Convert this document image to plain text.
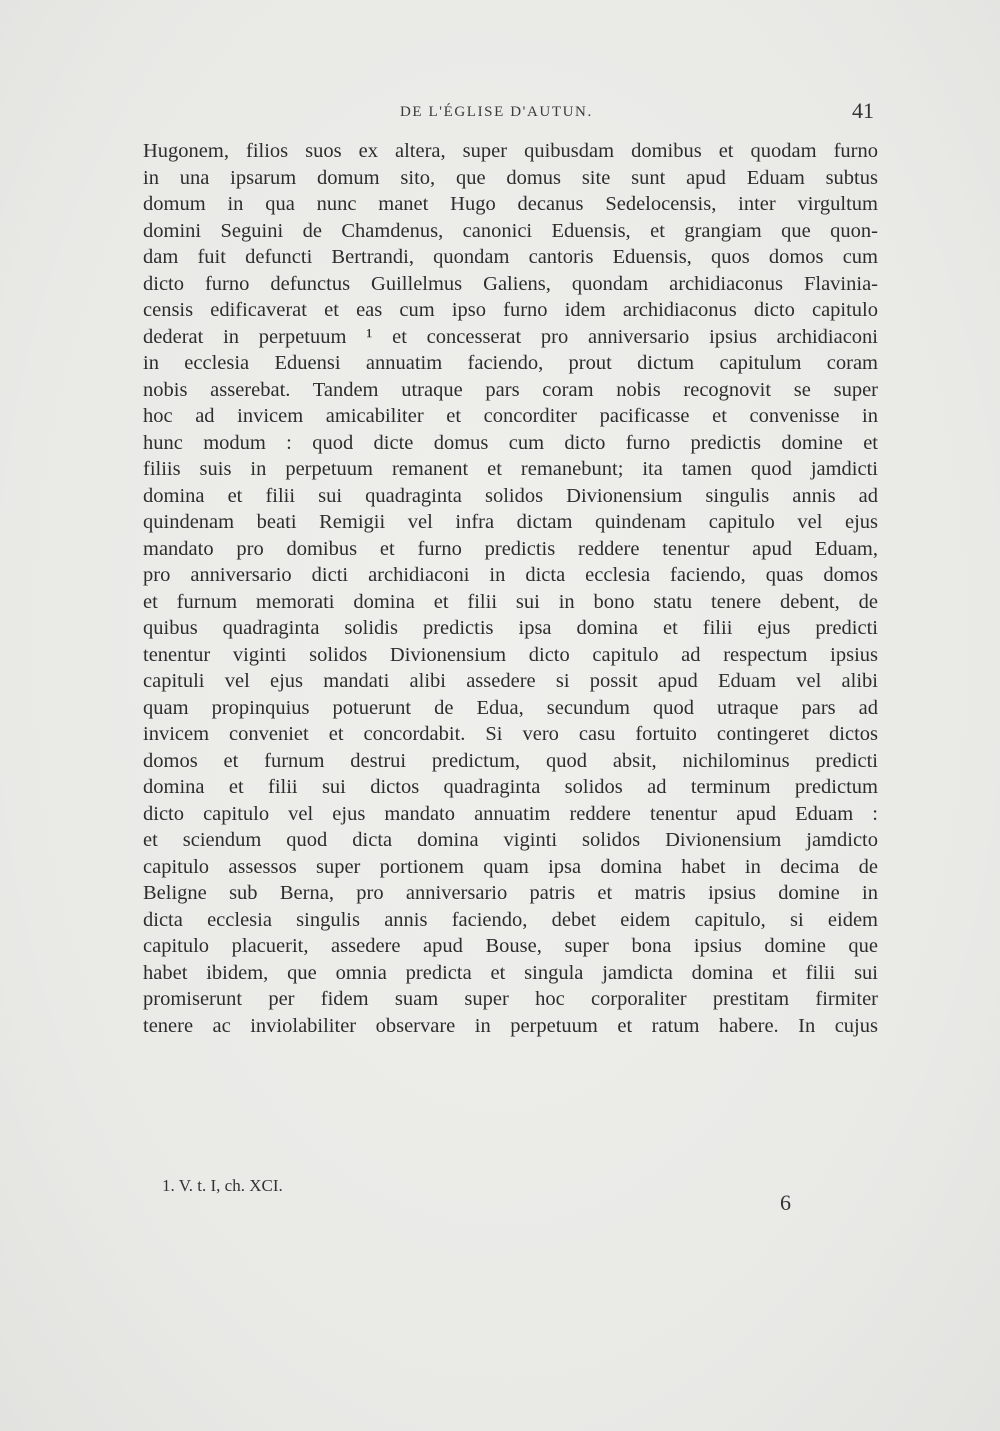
DE L'ÉGLISE D'AUTUN.	41
Hugonem, filios suos ex altera, super quibusdam domibus et quodam furno
in una ipsarum domum sito, que domus site sunt apud Eduam subtus
domum in qua nunc manet Hugo decanus Sedelocensis, inter virgultum
domini Seguini de Chamdenus, canonici Eduensis, et grangiam que quon-
dam fuit defuncti Bertrandi, quondam cantoris Eduensis, quos domos cum
dicto furno defunctus Guillelmus Galiens, quondam archidiaconus Flavinia-
censis edificaverat et eas cum ipso furno idem archidiaconus dicto capitulo
dederat in perpetuum ¹ et concesserat pro anniversario ipsius archidiaconi
in ecclesia Eduensi annuatim faciendo, prout dictum capitulum coram
nobis asserebat. Tandem utraque pars coram nobis recognovit se super
hoc ad invicem amicabiliter et concorditer pacificasse et convenisse in
hunc modum : quod dicte domus cum dicto furno predictis domine et
filiis suis in perpetuum remanent et remanebunt; ita tamen quod jamdicti
domina et filii sui quadraginta solidos Divionensium singulis annis ad
quindenam beati Remigii vel infra dictam quindenam capitulo vel ejus
mandato pro domibus et furno predictis reddere tenentur apud Eduam,
pro anniversario dicti archidiaconi in dicta ecclesia faciendo, quas domos
et furnum memorati domina et filii sui in bono statu tenere debent, de
quibus quadraginta solidis predictis ipsa domina et filii ejus predicti
tenentur viginti solidos Divionensium dicto capitulo ad respectum ipsius
capituli vel ejus mandati alibi assedere si possit apud Eduam vel alibi
quam propinquius potuerunt de Edua, secundum quod utraque pars ad
invicem conveniet et concordabit. Si vero casu fortuito contingeret dictos
domos et furnum destrui predictum, quod absit, nichilominus predicti
domina et filii sui dictos quadraginta solidos ad terminum predictum
dicto capitulo vel ejus mandato annuatim reddere tenentur apud Eduam :
et sciendum quod dicta domina viginti solidos Divionensium jamdicto
capitulo assessos super portionem quam ipsa domina habet in decima de
Beligne sub Berna, pro anniversario patris et matris ipsius domine in
dicta ecclesia singulis annis faciendo, debet eidem capitulo, si eidem
capitulo placuerit, assedere apud Bouse, super bona ipsius domine que
habet ibidem, que omnia predicta et singula jamdicta domina et filii sui
promiserunt per fidem suam super hoc corporaliter prestitam firmiter
tenere ac inviolabiliter observare in perpetuum et ratum habere. In cujus
1. V. t. I, ch. XCI.
6
